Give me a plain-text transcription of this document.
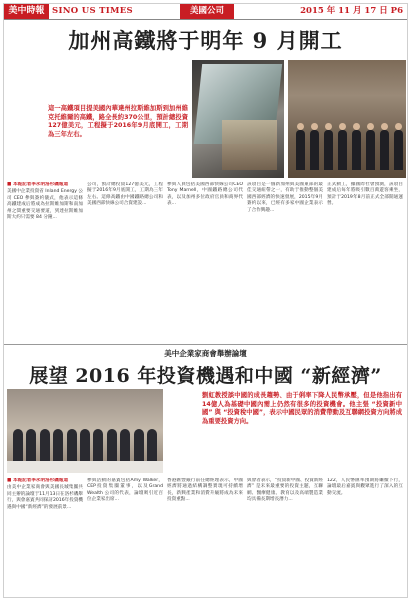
美中時報 SINO US TIMES	美國公司	2015 年 11 月 17 日 P6
加州高鐵將于明年 9 月開工
這一高鐵項目提美國內華達州拉斯維加斯到加州維克托維爾的高鐵，路全長約370公里，預計總投資127億美元，工程擬于2016年9月底開工，工期為三年左右。
■ 本報記者李永明洛杉磯報道
美國中企業投資省 Inland Energy 公司 CEO 參與簽約儀式，他表示這條高鐵建成后將成為拉斯維加斯和南加州之間重要交通要道，到達拉斯維加斯大約只需要 84 分鐘...
公司，預計總投資127億美元，工程擬于2016年9月底開工，工期為三年左右。這條高鐵由中國鐵路總公司和美國西部快線公司合資建設...
參與人員包括美國西部快線公司CEO Tony Marnell，中國鐵路總公司代表，以及加州多位政府官員和商界代表...
該項目是一個新加州與美國東部的最佳交通紐帶之一，有助于推動整個美國西部經濟的快速發展，2015年9月簽約以來，已經有多家中國企業表示了合作興趣...
正式動工，據國際社會預測，該項目建成后每年將吸引數百萬遊客乘坐，預計于2019年8月前正式全部開通運營。
美中企業家商會舉辦論壇
展望 2016 年投資機遇和中國 “新經濟”
劉虹教授談中國的成長趨勢、由于俐率下降人民幣承壓，但是他指出有14億人為基礎中國內需上仍然有很多的投資機會。他主張 “投資新中國” 與 “投資稅中國”，表示中國民眾的消費帶動及互聯網投資方向將成為重要投資方向。
■ 本報記者李永明洛杉磯報道
由美中企業家商會與美國長城集團共同主辦的論壇于11月13日在洛杉磯舉行，與會嘉賓共同探討2016年投資機遇與中國“新經濟”的發展前景...
參與活動的嘉賓包括Amy Walker，CEP投資集團董事，以及Grand Wealth 公司的代表，論壇吸引近百位企業家出席...
香港匯豐銀行前任總經理表示，中國經濟將通過結構調整實現可持續增長，新興產業和消費升級將成為未來投資重點...
與會者表示，“投資新中國、投資新經濟” 是未來最重要的投資主題，互聯網、醫療健康、教育以及高端製造業均具備長期增長潛力...
122，人民幣匯率預期將繼續下行，論壇最后嘉賓與觀眾進行了深入的互動交流。
